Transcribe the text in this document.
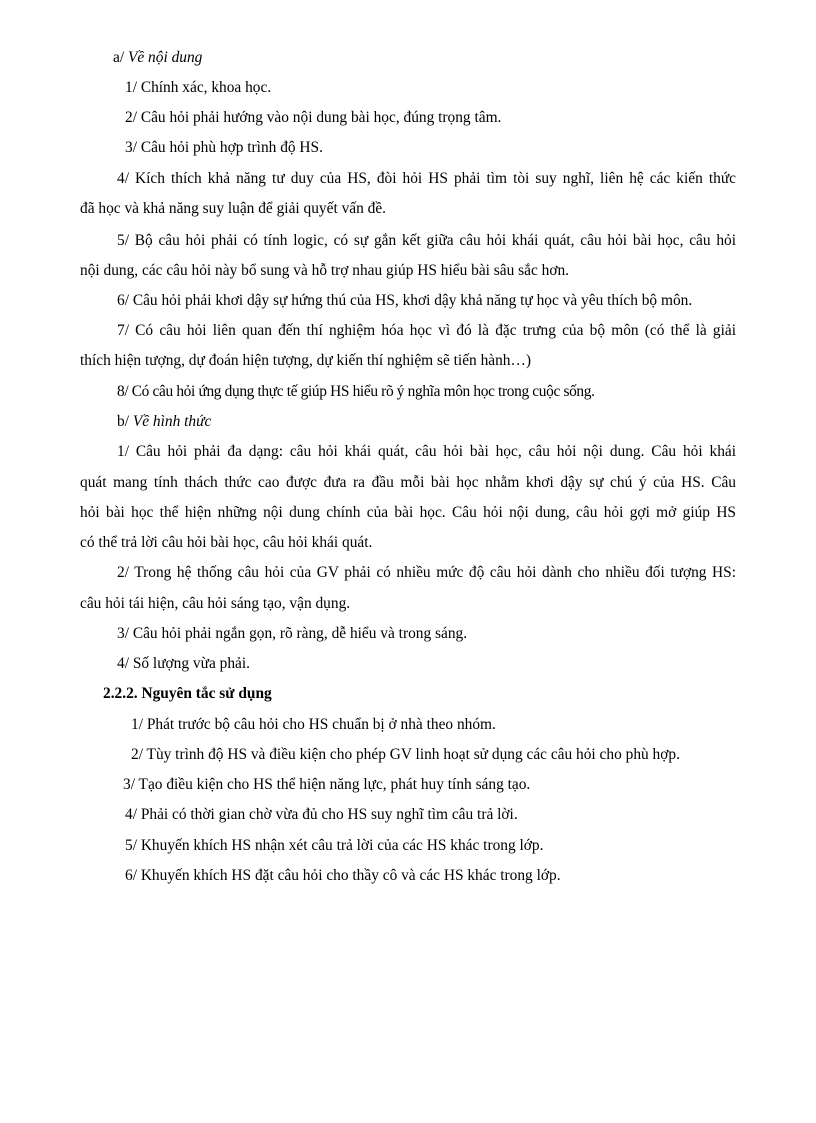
a/ Về nội dung
1/ Chính xác, khoa học.
2/ Câu hỏi phải hướng vào nội dung bài học, đúng trọng tâm.
3/ Câu hỏi phù hợp trình độ HS.
4/ Kích thích khả năng tư duy của HS, đòi hỏi HS phải tìm tòi suy nghĩ, liên hệ các kiến thức
đã học và khả năng suy luận để giải quyết vấn đề.
5/ Bộ câu hỏi phải có tính logic, có sự gắn kết giữa câu hỏi khái quát, câu hỏi bài học, câu hỏi
nội dung, các câu hỏi này bổ sung và hỗ trợ nhau giúp HS hiểu bài sâu sắc hơn.
6/ Câu hỏi phải khơi dậy sự hứng thú của HS, khơi dậy khả năng tự học và yêu thích bộ môn.
7/ Có câu hỏi liên quan đến thí nghiệm hóa học vì đó là đặc trưng của bộ môn (có thể là giải
thích hiện tượng, dự đoán hiện tượng, dự kiến thí nghiệm sẽ tiến hành…)
8/ Có câu hỏi ứng dụng thực tế giúp HS hiểu rõ ý nghĩa môn học trong cuộc sống.
b/ Về hình thức
1/ Câu hỏi phải đa dạng: câu hỏi khái quát, câu hỏi bài học, câu hỏi nội dung. Câu hỏi khái
quát mang tính thách thức cao được đưa ra đầu mỗi bài học nhằm khơi dậy sự chú ý của HS. Câu
hỏi bài học thể hiện những nội dung chính của bài học. Câu hỏi nội dung, câu hỏi gợi mở giúp HS
có thể trả lời câu hỏi bài học, câu hỏi khái quát.
2/ Trong hệ thống câu hỏi của GV phải có nhiều mức độ câu hỏi dành cho nhiều đối tượng HS:
câu hỏi tái hiện, câu hỏi sáng tạo, vận dụng.
3/ Câu hỏi phải ngắn gọn, rõ ràng, dễ hiểu và trong sáng.
4/ Số lượng vừa phải.
2.2.2. Nguyên tắc sử dụng
1/ Phát trước bộ câu hỏi cho HS chuẩn bị ở nhà theo nhóm.
2/ Tùy trình độ HS và điều kiện cho phép GV linh hoạt sử dụng các câu hỏi cho phù hợp.
3/ Tạo điều kiện cho HS thể hiện năng lực, phát huy tính sáng tạo.
4/ Phải có thời gian chờ vừa đủ cho HS suy nghĩ tìm câu trả lời.
5/ Khuyến khích HS nhận xét câu trả lời của các HS khác trong lớp.
6/ Khuyến khích HS đặt câu hỏi cho thầy cô và các HS khác trong lớp.
